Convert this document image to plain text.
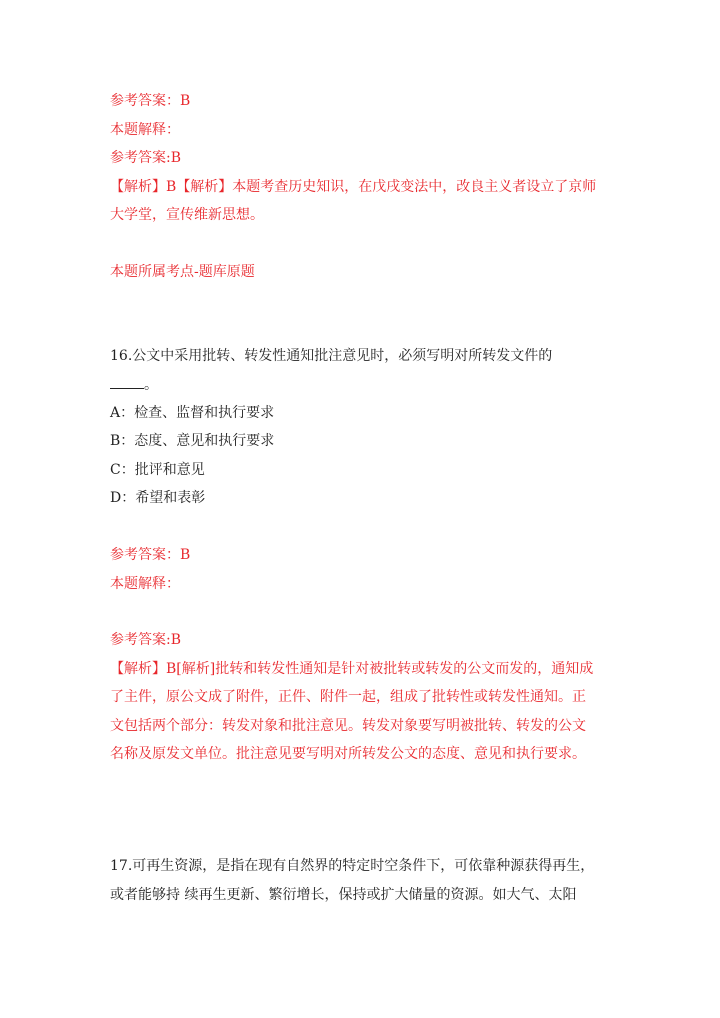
参考答案：B
本题解释：
参考答案:B
【解析】B【解析】本题考查历史知识，在戊戌变法中，改良主义者设立了京师
大学堂，宣传维新思想。
本题所属考点-题库原题
16.公文中采用批转、转发性通知批注意见时，必须写明对所转发文件的
。
A：检查、监督和执行要求
B：态度、意见和执行要求
C：批评和意见
D：希望和表彰
参考答案：B
本题解释：
参考答案:B
【解析】B[解析]批转和转发性通知是针对被批转或转发的公文而发的，通知成
了主件，原公文成了附件，正件、附件一起，组成了批转性或转发性通知。正
文包括两个部分：转发对象和批注意见。转发对象要写明被批转、转发的公文
名称及原发文单位。批注意见要写明对所转发公文的态度、意见和执行要求。
17.可再生资源，是指在现有自然界的特定时空条件下，可依靠种源获得再生，
或者能够持 续再生更新、繁衍增长，保持或扩大储量的资源。如大气、太阳
